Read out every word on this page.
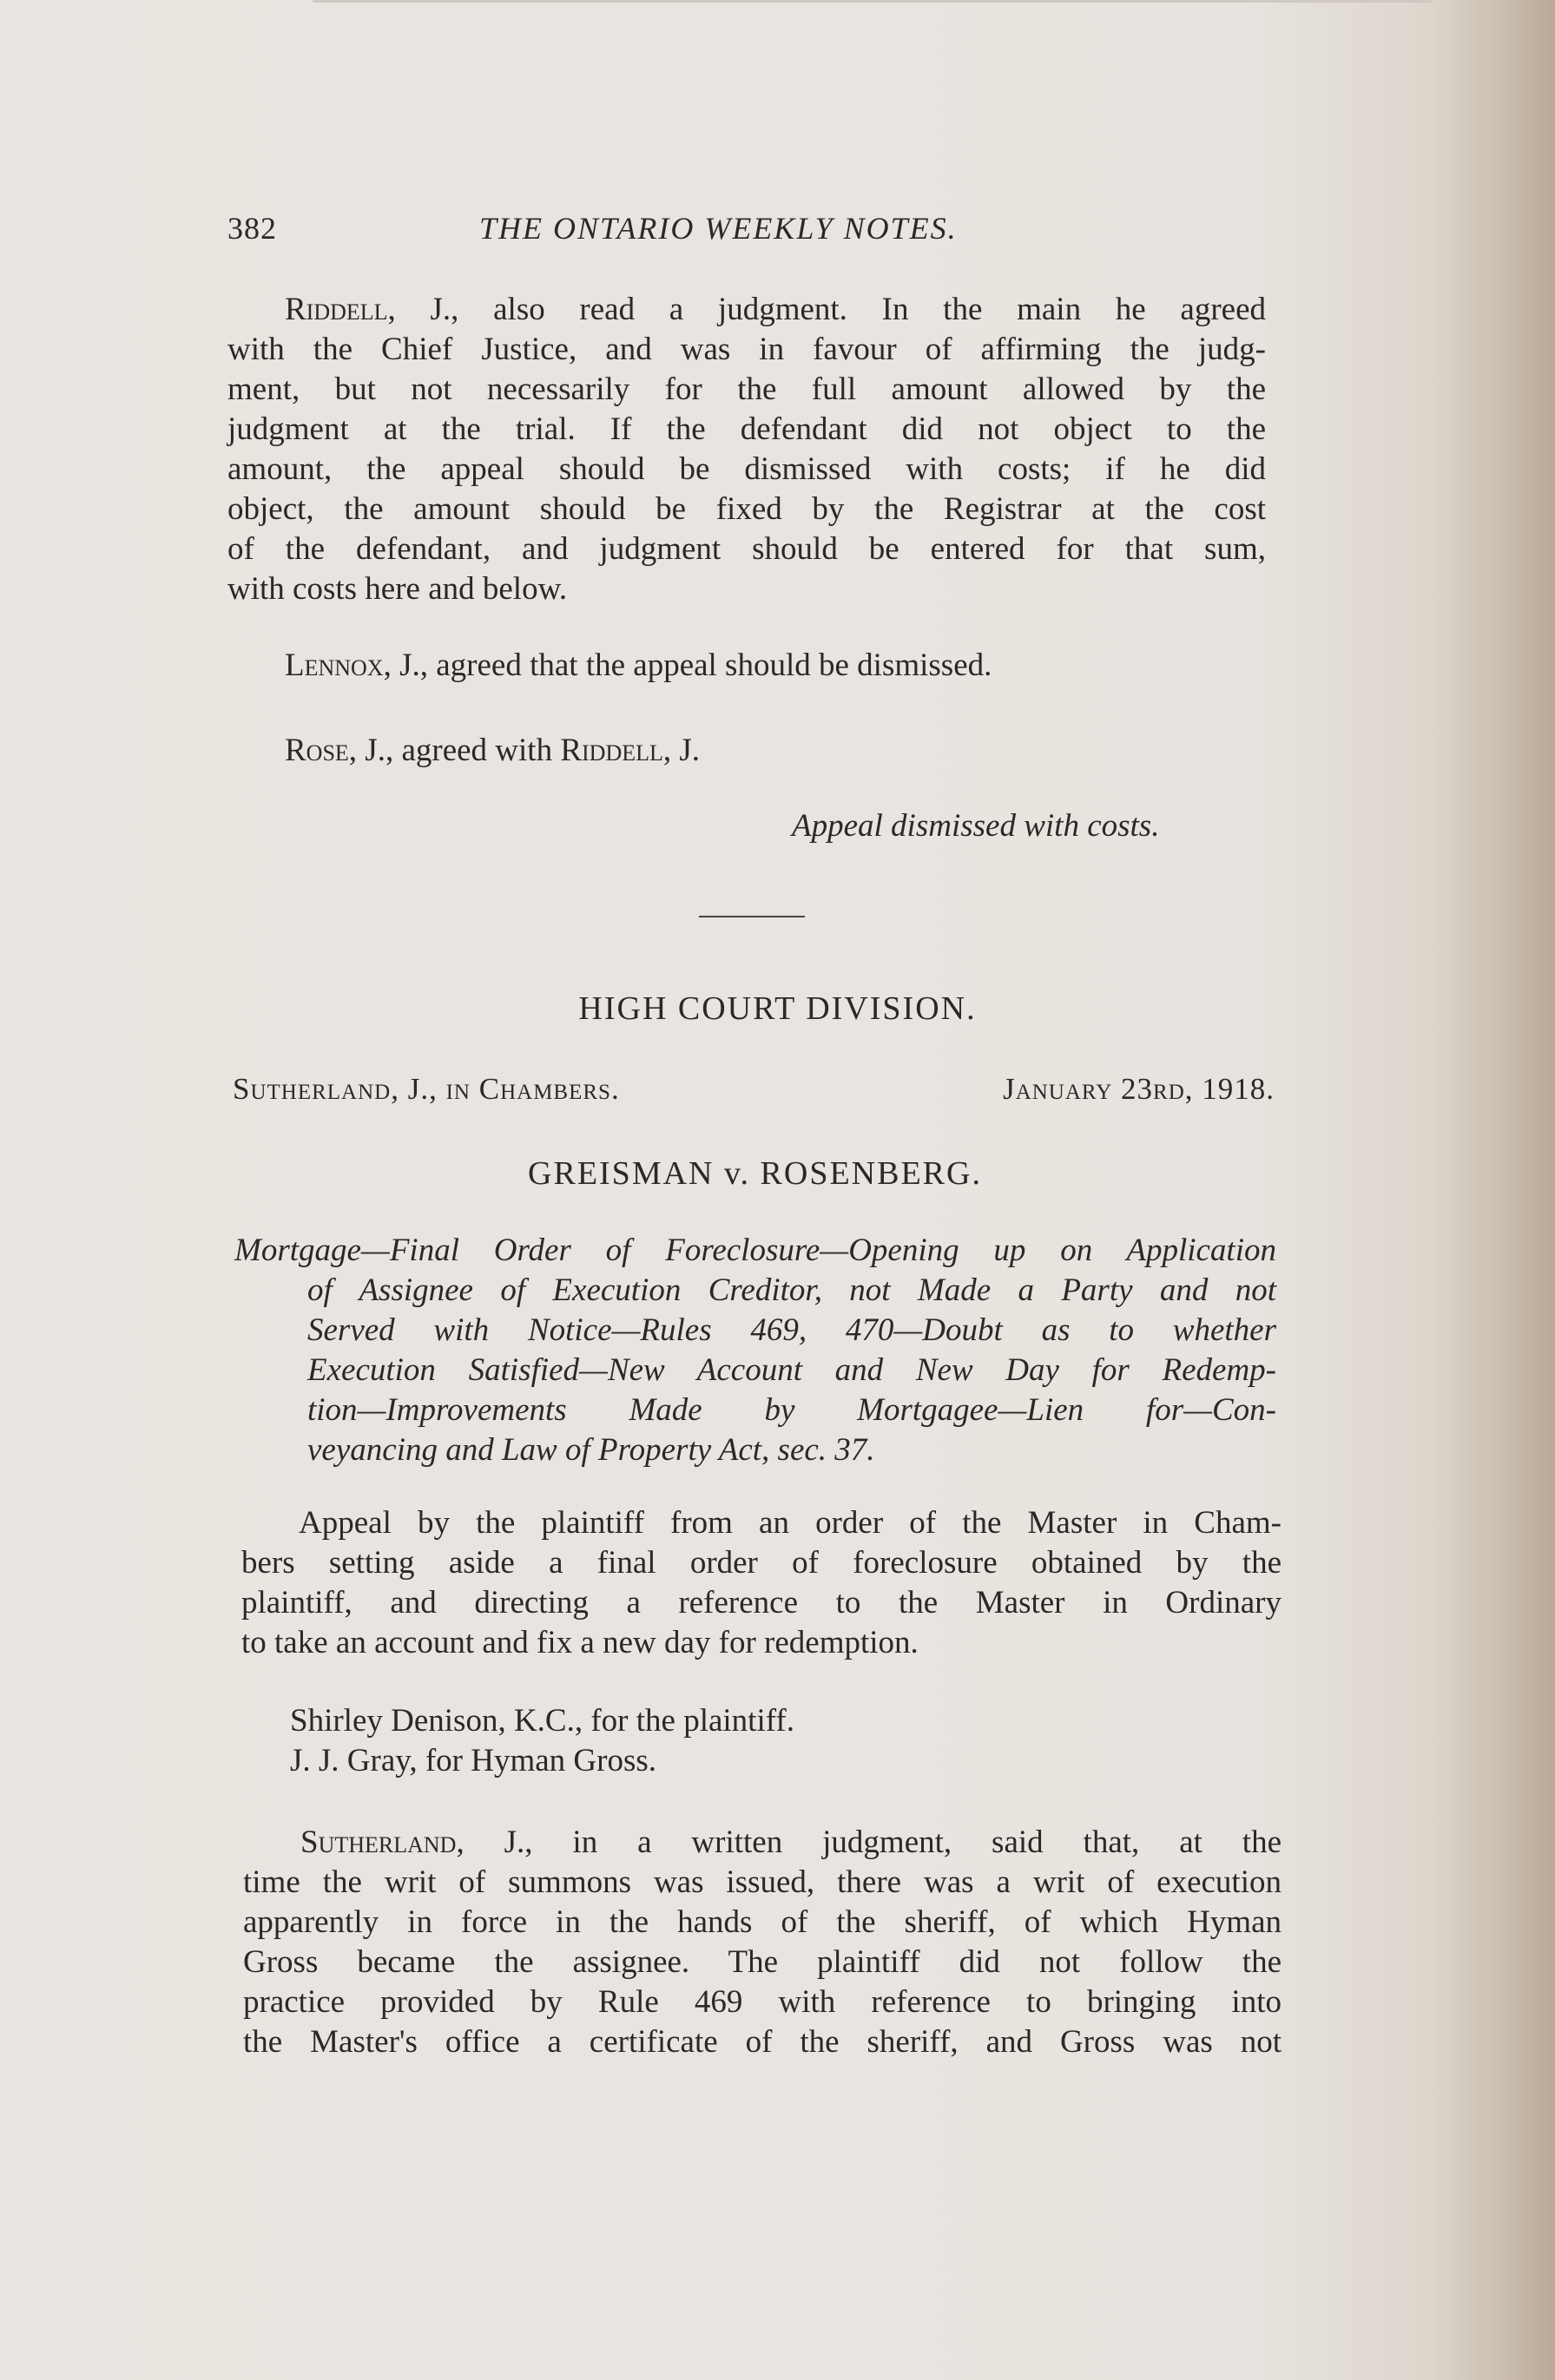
382	THE ONTARIO WEEKLY NOTES.
Riddell, J., also read a judgment. In the main he agreed
with the Chief Justice, and was in favour of affirming the judg-
ment, but not necessarily for the full amount allowed by the
judgment at the trial. If the defendant did not object to the
amount, the appeal should be dismissed with costs; if he did
object, the amount should be fixed by the Registrar at the cost
of the defendant, and judgment should be entered for that sum,
with costs here and below.
Lennox, J., agreed that the appeal should be dismissed.
Rose, J., agreed with Riddell, J.
Appeal dismissed with costs.
HIGH COURT DIVISION.
Sutherland, J., in Chambers.	January 23rd, 1918.
GREISMAN v. ROSENBERG.
Mortgage—Final Order of Foreclosure—Opening up on Application
of Assignee of Execution Creditor, not Made a Party and not
Served with Notice—Rules 469, 470—Doubt as to whether
Execution Satisfied—New Account and New Day for Redemp-
tion—Improvements Made by Mortgagee—Lien for—Con-
veyancing and Law of Property Act, sec. 37.
Appeal by the plaintiff from an order of the Master in Cham-
bers setting aside a final order of foreclosure obtained by the
plaintiff, and directing a reference to the Master in Ordinary
to take an account and fix a new day for redemption.
Shirley Denison, K.C., for the plaintiff.
J. J. Gray, for Hyman Gross.
Sutherland, J., in a written judgment, said that, at the
time the writ of summons was issued, there was a writ of execution
apparently in force in the hands of the sheriff, of which Hyman
Gross became the assignee. The plaintiff did not follow the
practice provided by Rule 469 with reference to bringing into
the Master's office a certificate of the sheriff, and Gross was not
